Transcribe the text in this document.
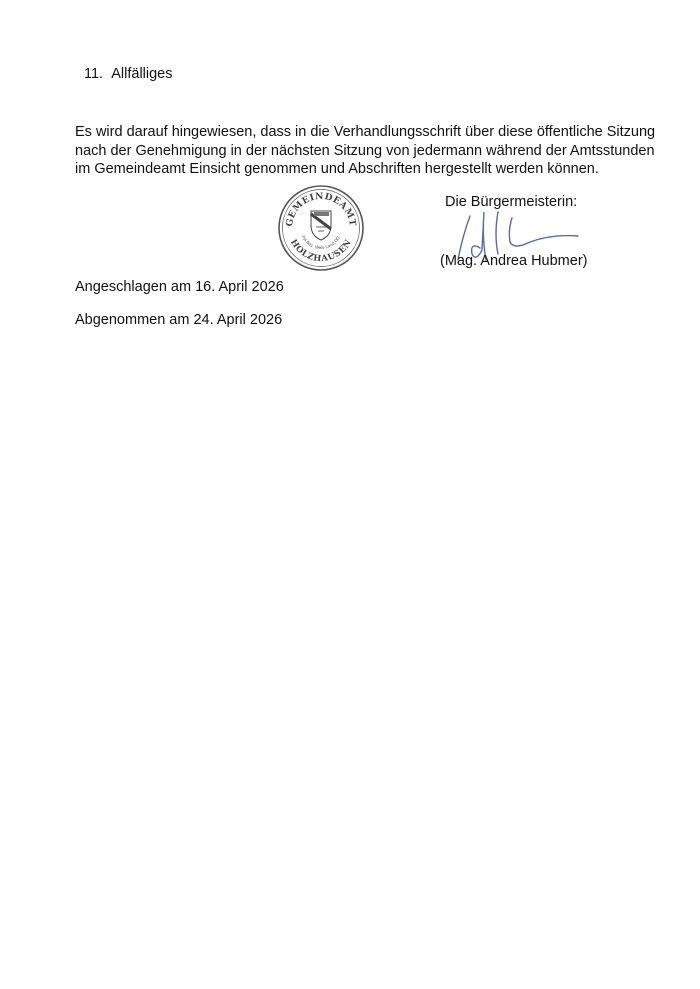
11. Allfälliges
Es wird darauf hingewiesen, dass in die Verhandlungsschrift über diese öffentliche Sitzung
nach der Genehmigung in der nächsten Sitzung von jedermann während der Amtsstunden
im Gemeindeamt Einsicht genommen und Abschriften hergestellt werden können.
GEMEINDEAMT
HOLZHAUSEN
Pol.Bez. Wels-Land,OÖ.
Die Bürgermeisterin:
(Mag. Andrea Hubmer)
Angeschlagen am 16. April 2026
Abgenommen am 24. April 2026
